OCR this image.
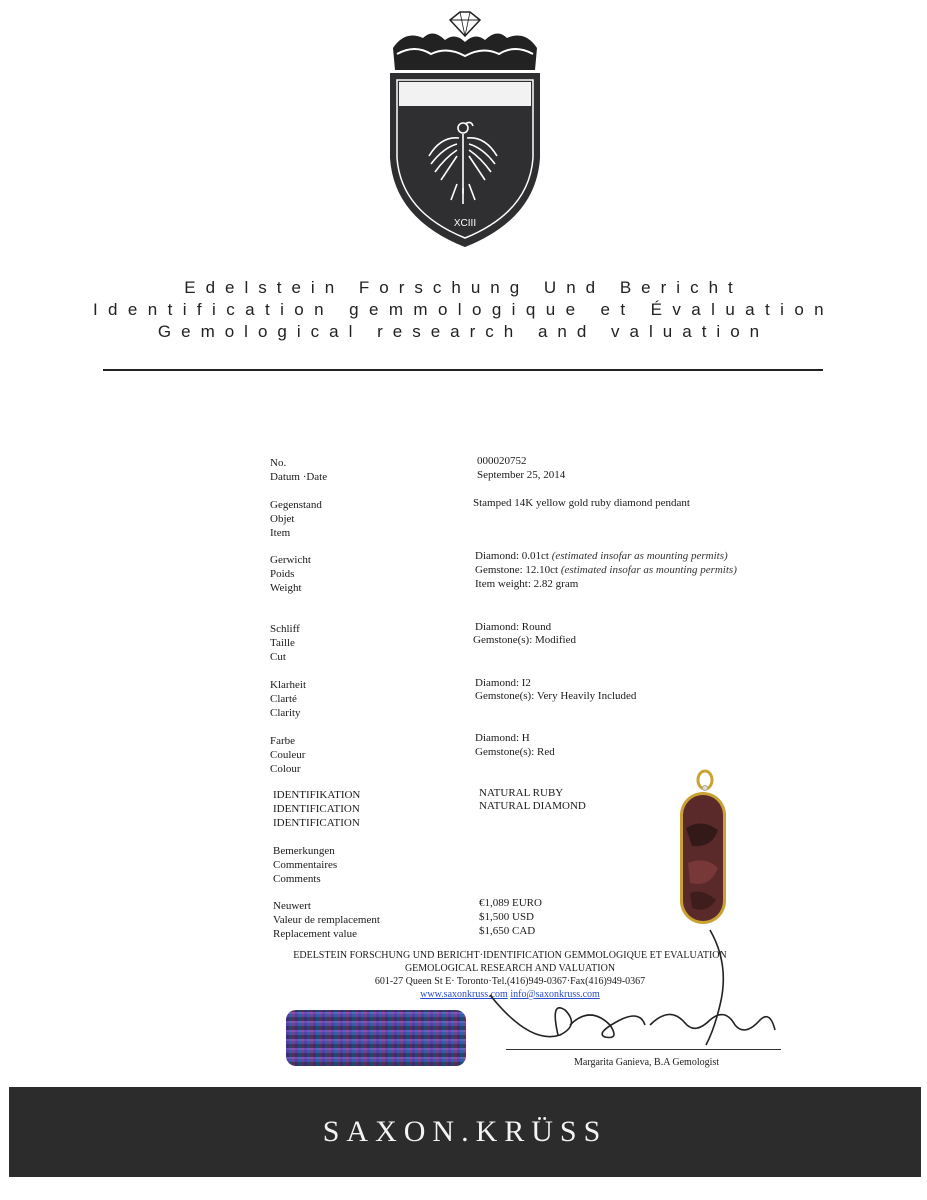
XCIII
Edelstein Forschung Und Bericht
Identification gemmologique et Évaluation
Gemological research and valuation
No.
Datum ·Date
Gegenstand
Objet
Item
Gerwicht
Poids
Weight
Schliff
Taille
Cut
Klarheit
Clarté
Clarity
Farbe
Couleur
Colour
IDENTIFIKATION
IDENTIFICATION
IDENTIFICATION
Bemerkungen
Commentaires
Comments
Neuwert
Valeur de remplacement
Replacement value
000020752
September 25, 2014
Stamped 14K yellow gold ruby diamond pendant
Diamond: 0.01ct (estimated insofar as mounting permits)
Gemstone: 12.10ct (estimated insofar as mounting permits)
Item weight: 2.82 gram
Diamond: Round
Gemstone(s): Modified
Diamond: I2
Gemstone(s): Very Heavily Included
Diamond: H
Gemstone(s): Red
NATURAL RUBY
NATURAL DIAMOND
€1,089 EURO
$1,500 USD
$1,650 CAD
EDELSTEIN FORSCHUNG UND BERICHT·IDENTIFICATION GEMMOLOGIQUE ET EVALUATION
GEMOLOGICAL RESEARCH AND VALUATION
601-27 Queen St E· Toronto·Tel.(416)949-0367·Fax(416)949-0367
www.saxonkruss.com info@saxonkruss.com
Margarita Ganieva, B.A Gemologist
SAXON.KRÜSS
